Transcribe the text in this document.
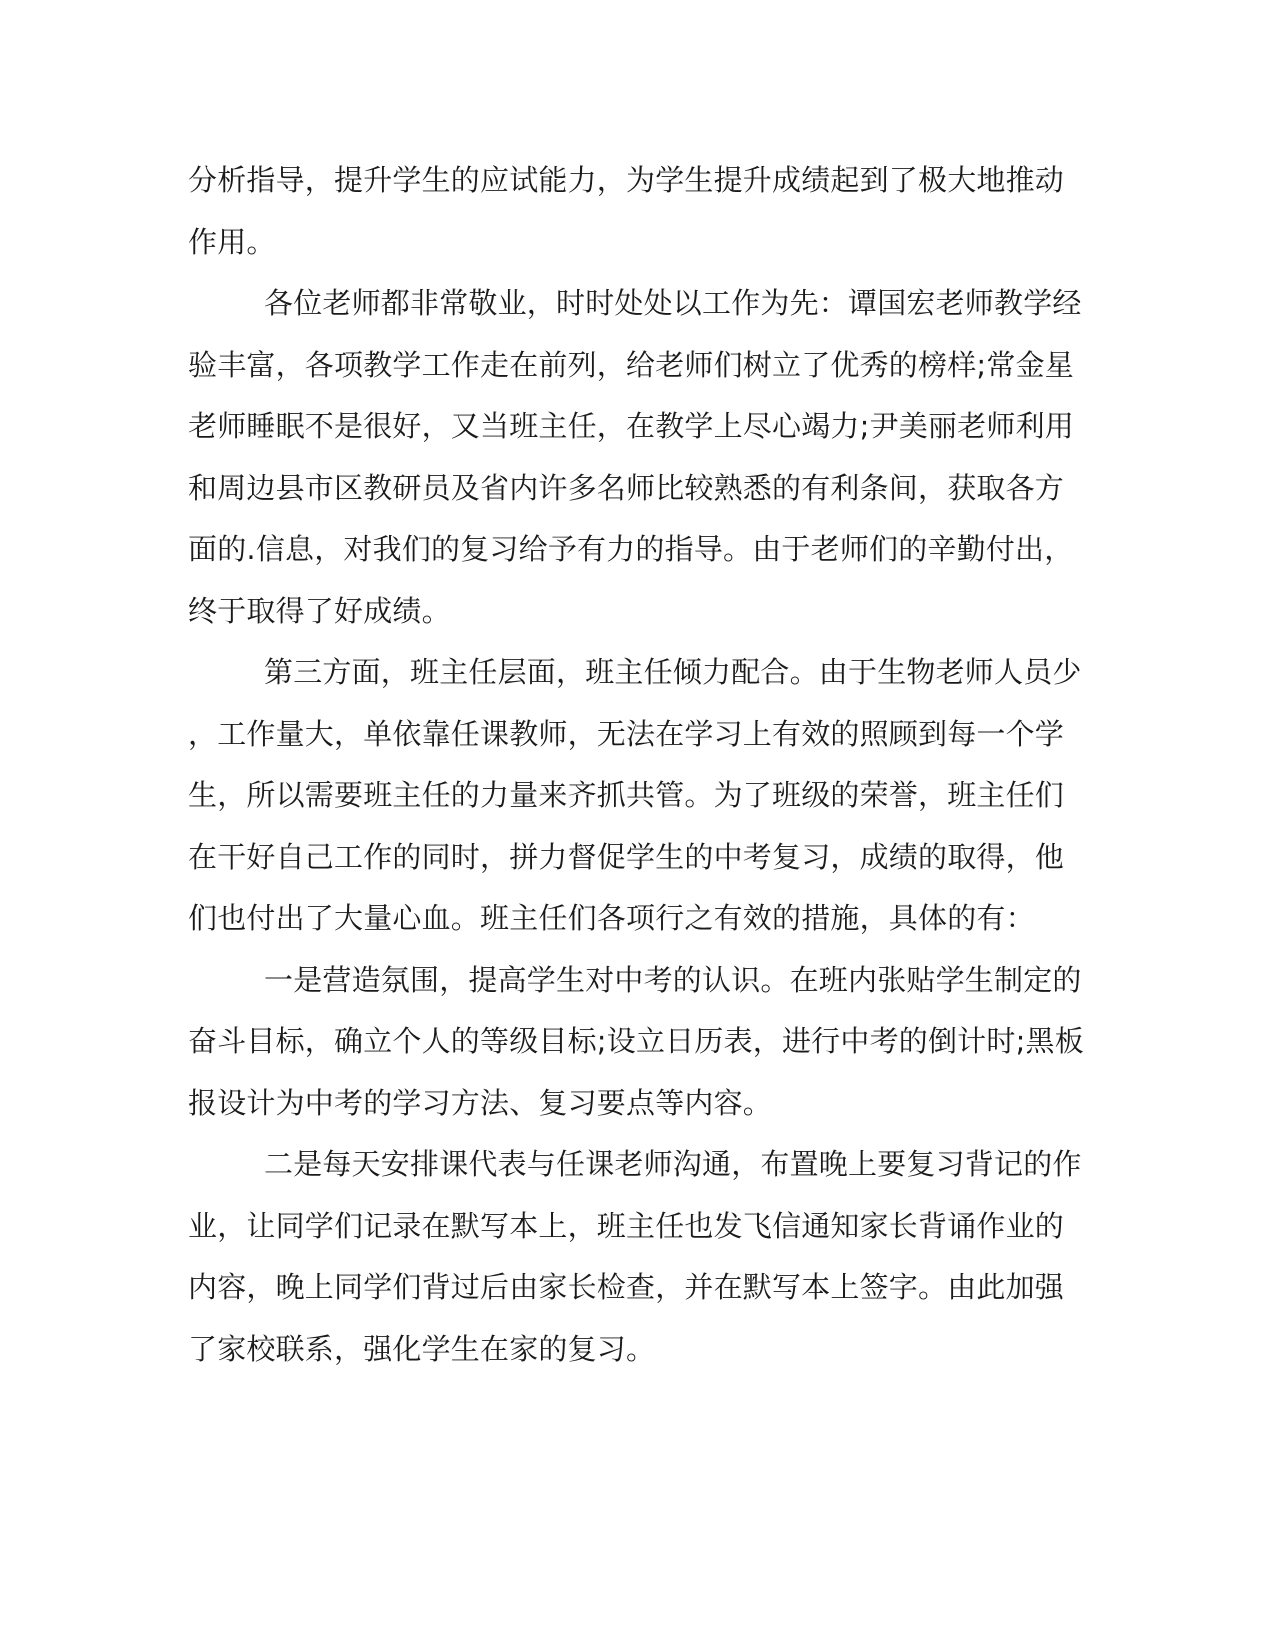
分析指导，提升学生的应试能力，为学生提升成绩起到了极大地推动
作用。
各位老师都非常敬业，时时处处以工作为先：谭国宏老师教学经
验丰富，各项教学工作走在前列，给老师们树立了优秀的榜样;常金星
老师睡眠不是很好，又当班主任，在教学上尽心竭力;尹美丽老师利用
和周边县市区教研员及省内许多名师比较熟悉的有利条间，获取各方
面的.信息，对我们的复习给予有力的指导。由于老师们的辛勤付出，
终于取得了好成绩。
第三方面，班主任层面，班主任倾力配合。由于生物老师人员少
，工作量大，单依靠任课教师，无法在学习上有效的照顾到每一个学
生，所以需要班主任的力量来齐抓共管。为了班级的荣誉，班主任们
在干好自己工作的同时，拼力督促学生的中考复习，成绩的取得，他
们也付出了大量心血。班主任们各项行之有效的措施，具体的有：
一是营造氛围，提高学生对中考的认识。在班内张贴学生制定的
奋斗目标，确立个人的等级目标;设立日历表，进行中考的倒计时;黑板
报设计为中考的学习方法、复习要点等内容。
二是每天安排课代表与任课老师沟通，布置晚上要复习背记的作
业，让同学们记录在默写本上，班主任也发飞信通知家长背诵作业的
内容，晚上同学们背过后由家长检查，并在默写本上签字。由此加强
了家校联系，强化学生在家的复习。
